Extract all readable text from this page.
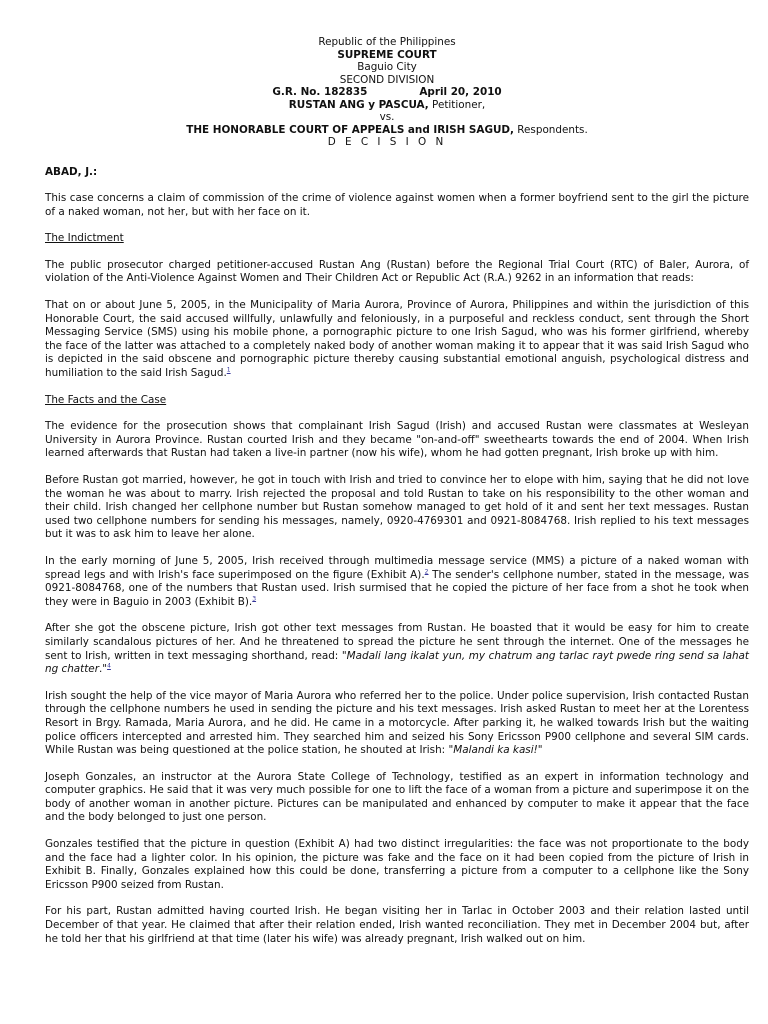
Republic of the Philippines
SUPREME COURT
Baguio City
SECOND DIVISION
G.R. No. 182835	April 20, 2010
RUSTAN ANG y PASCUA, Petitioner,
vs.
THE HONORABLE COURT OF APPEALS and IRISH SAGUD, Respondents.
D E C I S I O N
ABAD, J.:

This case concerns a claim of commission of the crime of violence against women when a former boyfriend sent to the girl the picture of a naked woman, not her, but with her face on it.

The Indictment

The public prosecutor charged petitioner-accused Rustan Ang (Rustan) before the Regional Trial Court (RTC) of Baler, Aurora, of violation of the Anti-Violence Against Women and Their Children Act or Republic Act (R.A.) 9262 in an information that reads:

That on or about June 5, 2005, in the Municipality of Maria Aurora, Province of Aurora, Philippines and within the jurisdiction of this Honorable Court, the said accused willfully, unlawfully and feloniously, in a purposeful and reckless conduct, sent through the Short Messaging Service (SMS) using his mobile phone, a pornographic picture to one Irish Sagud, who was his former girlfriend, whereby the face of the latter was attached to a completely naked body of another woman making it to appear that it was said Irish Sagud who is depicted in the said obscene and pornographic picture thereby causing substantial emotional anguish, psychological distress and humiliation to the said Irish Sagud.$^1$

The Facts and the Case

The evidence for the prosecution shows that complainant Irish Sagud (Irish) and accused Rustan were classmates at Wesleyan University in Aurora Province. Rustan courted Irish and they became "on-and-off" sweethearts towards the end of 2004. When Irish learned afterwards that Rustan had taken a live-in partner (now his wife), whom he had gotten pregnant, Irish broke up with him.

Before Rustan got married, however, he got in touch with Irish and tried to convince her to elope with him, saying that he did not love the woman he was about to marry. Irish rejected the proposal and told Rustan to take on his responsibility to the other woman and their child. Irish changed her cellphone number but Rustan somehow managed to get hold of it and sent her text messages. Rustan used two cellphone numbers for sending his messages, namely, 0920-4769301 and 0921-8084768. Irish replied to his text messages but it was to ask him to leave her alone.

In the early morning of June 5, 2005, Irish received through multimedia message service (MMS) a picture of a naked woman with spread legs and with Irish's face superimposed on the figure (Exhibit A).$^2$ The sender's cellphone number, stated in the message, was 0921-8084768, one of the numbers that Rustan used. Irish surmised that he copied the picture of her face from a shot he took when they were in Baguio in 2003 (Exhibit B).$^3$

After she got the obscene picture, Irish got other text messages from Rustan. He boasted that it would be easy for him to create similarly scandalous pictures of her. And he threatened to spread the picture he sent through the internet. One of the messages he sent to Irish, written in text messaging shorthand, read: "Madali lang ikalat yun, my chatrum ang tarlac rayt pwede ring send sa lahat ng chatter."$^4$

Irish sought the help of the vice mayor of Maria Aurora who referred her to the police. Under police supervision, Irish contacted Rustan through the cellphone numbers he used in sending the picture and his text messages. Irish asked Rustan to meet her at the Lorentess Resort in Brgy. Ramada, Maria Aurora, and he did. He came in a motorcycle. After parking it, he walked towards Irish but the waiting police officers intercepted and arrested him. They searched him and seized his Sony Ericsson P900 cellphone and several SIM cards. While Rustan was being questioned at the police station, he shouted at Irish: "Malandi ka kasi!"

Joseph Gonzales, an instructor at the Aurora State College of Technology, testified as an expert in information technology and computer graphics. He said that it was very much possible for one to lift the face of a woman from a picture and superimpose it on the body of another woman in another picture. Pictures can be manipulated and enhanced by computer to make it appear that the face and the body belonged to just one person.

Gonzales testified that the picture in question (Exhibit A) had two distinct irregularities: the face was not proportionate to the body and the face had a lighter color. In his opinion, the picture was fake and the face on it had been copied from the picture of Irish in Exhibit B. Finally, Gonzales explained how this could be done, transferring a picture from a computer to a cellphone like the Sony Ericsson P900 seized from Rustan.

For his part, Rustan admitted having courted Irish. He began visiting her in Tarlac in October 2003 and their relation lasted until December of that year. He claimed that after their relation ended, Irish wanted reconciliation. They met in December 2004 but, after he told her that his girlfriend at that time (later his wife) was already pregnant, Irish walked out on him.
